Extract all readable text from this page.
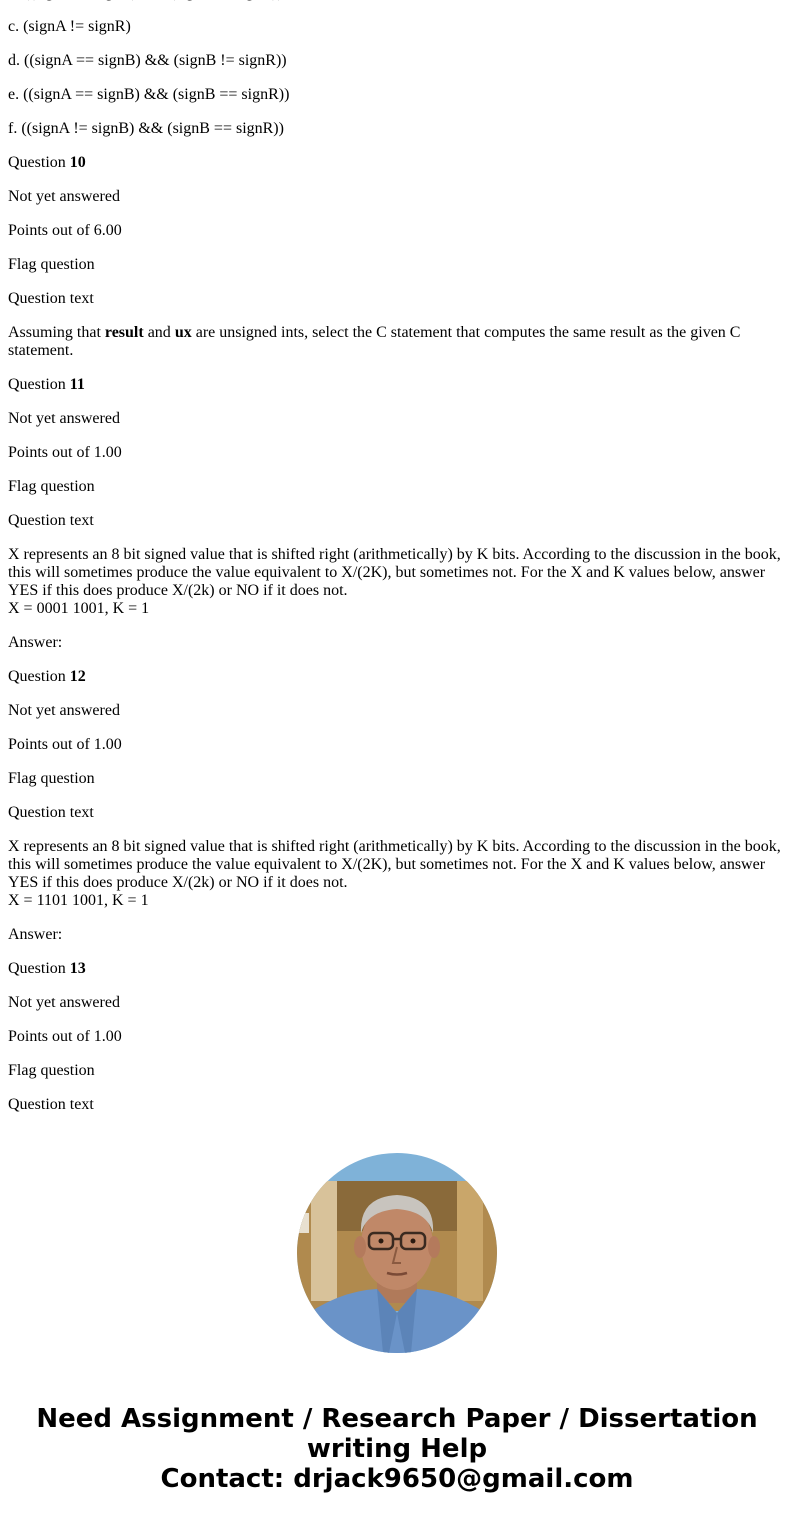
c. (signA != signR)

d. ((signA == signB) && (signB != signR))

e. ((signA == signB) && (signB == signR))

f. ((signA != signB) && (signB == signR))

Question 10

Not yet answered

Points out of 6.00

Flag question

Question text

Assuming that result and ux are unsigned ints, select the C statement that computes the same result as the given C statement.

Question 11

Not yet answered

Points out of 1.00

Flag question

Question text

X represents an 8 bit signed value that is shifted right (arithmetically) by K bits. According to the discussion in the book, this will sometimes produce the value equivalent to X/(2K), but sometimes not. For the X and K values below, answer YES if this does produce X/(2k) or NO if it does not.
X = 0001 1001, K = 1

Answer:

Question 12

Not yet answered

Points out of 1.00

Flag question

Question text

X represents an 8 bit signed value that is shifted right (arithmetically) by K bits. According to the discussion in the book, this will sometimes produce the value equivalent to X/(2K), but sometimes not. For the X and K values below, answer YES if this does produce X/(2k) or NO if it does not.
X = 1101 1001, K = 1

Answer:

Question 13

Not yet answered

Points out of 1.00

Flag question

Question text

Need Assignment / Research Paper / Dissertation
writing Help
Contact: drjack9650@gmail.com
